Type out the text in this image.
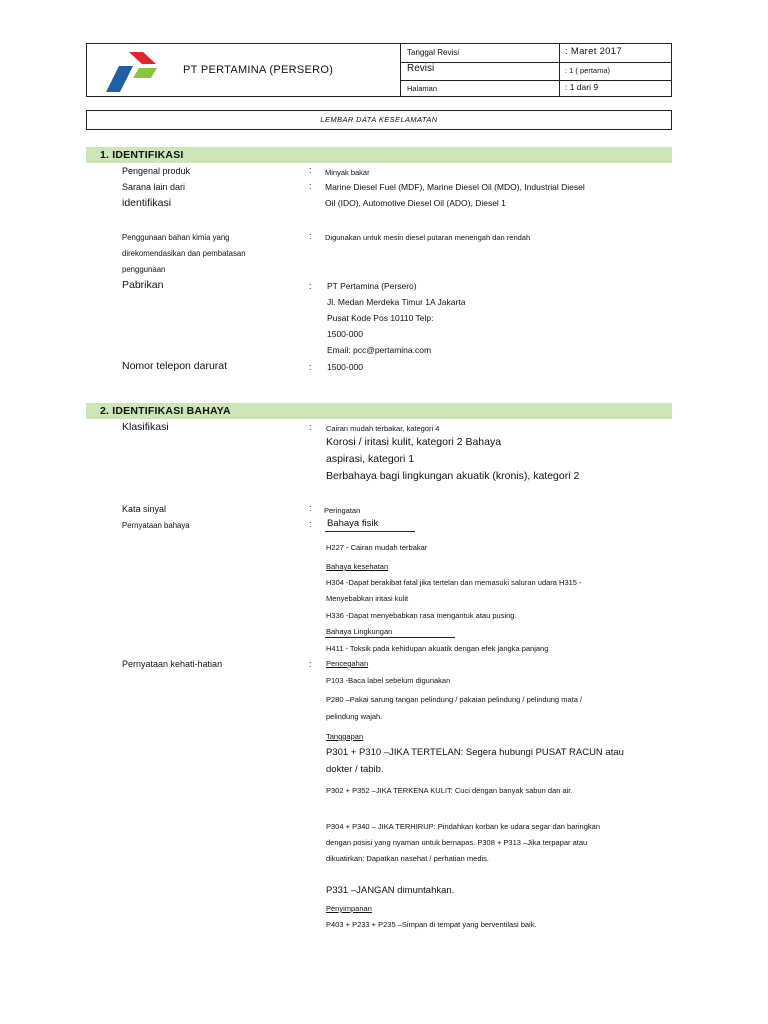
PT PERTAMINA (PERSERO)
Tanggal Revisi	: Maret 2017
Revisi	: 1 ( pertama)
Halaman	: 1 dari 9
LEMBAR DATA KESELAMATAN
1. IDENTIFIKASI
Pengenal produk	: Minyak bakar
Sarana lain dari
identifikasi
: Marine Diesel Fuel (MDF), Marine Diesel Oil (MDO), Industrial Diesel
Oil (IDO), Automotive Diesel Oil (ADO), Diesel 1
Penggunaan bahan kimia yang
direkomendasikan dan pembatasan
penggunaan
: Digunakan untuk mesin diesel putaran menengah dan rendah
Pabrikan	: PT Pertamina (Persero)
Jl. Medan Merdeka Timur 1A Jakarta
Pusat Kode Pos 10110 Telp:
1500-000
Email: pcc@pertamina.com
Nomor telepon darurat	: 1500-000
2. IDENTIFIKASI BAHAYA
Klasifikasi	: Cairan mudah terbakar, kategori 4
Korosi / iritasi kulit, kategori 2 Bahaya
aspirasi, kategori 1
Berbahaya bagi lingkungan akuatik (kronis), kategori 2
Kata sinyal	: Peringatan
Pernyataan bahaya	: Bahaya fisik
H227 - Cairan mudah terbakar
Bahaya kesehatan
H304 -Dapat berakibat fatal jika tertelan dan memasuki saluran udara H315 -
Menyebabkan iritasi kulit
H336 -Dapat menyebabkan rasa mengantuk atau pusing.
Bahaya Lingkungan
H411 - Toksik pada kehidupan akuatik dengan efek jangka panjang
Pernyataan kehati-hatian	: Pencegahan
P103 -Baca label sebelum digunakan
P280 –Pakai sarung tangan pelindung / pakaian pelindung / pelindung mata /
pelindung wajah.
Tanggapan
P301 + P310 –JIKA TERTELAN: Segera hubungi PUSAT RACUN atau
dokter / tabib.
P302 + P352 –JIKA TERKENA KULIT: Cuci dengan banyak sabun dan air.
P304 + P340 – JIKA TERHIRUP: Pindahkan korban ke udara segar dan baringkan
dengan posisi yang nyaman untuk bernapas. P308 + P313 –Jika terpapar atau
dikuatirkan: Dapatkan nasehat / perhatian medis.
P331 –JANGAN dimuntahkan.
Penyimpanan
P403 + P233 + P235 –Simpan di tempat yang berventilasi baik.
